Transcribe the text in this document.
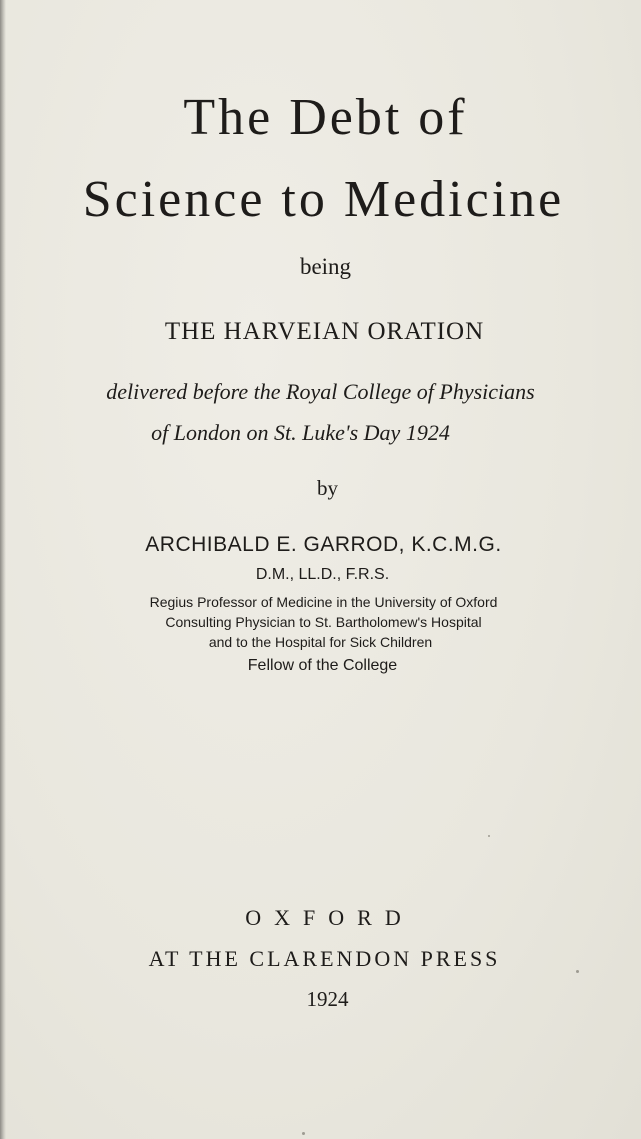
The Debt of
Science to Medicine
being
THE HARVEIAN ORATION
delivered before the Royal College of Physicians
of London on St. Luke's Day 1924
by
ARCHIBALD E. GARROD, K.C.M.G.
D.M., LL.D., F.R.S.
Regius Professor of Medicine in the University of Oxford
Consulting Physician to St. Bartholomew's Hospital
and to the Hospital for Sick Children
Fellow of the College
OXFORD
AT THE CLARENDON PRESS
1924
